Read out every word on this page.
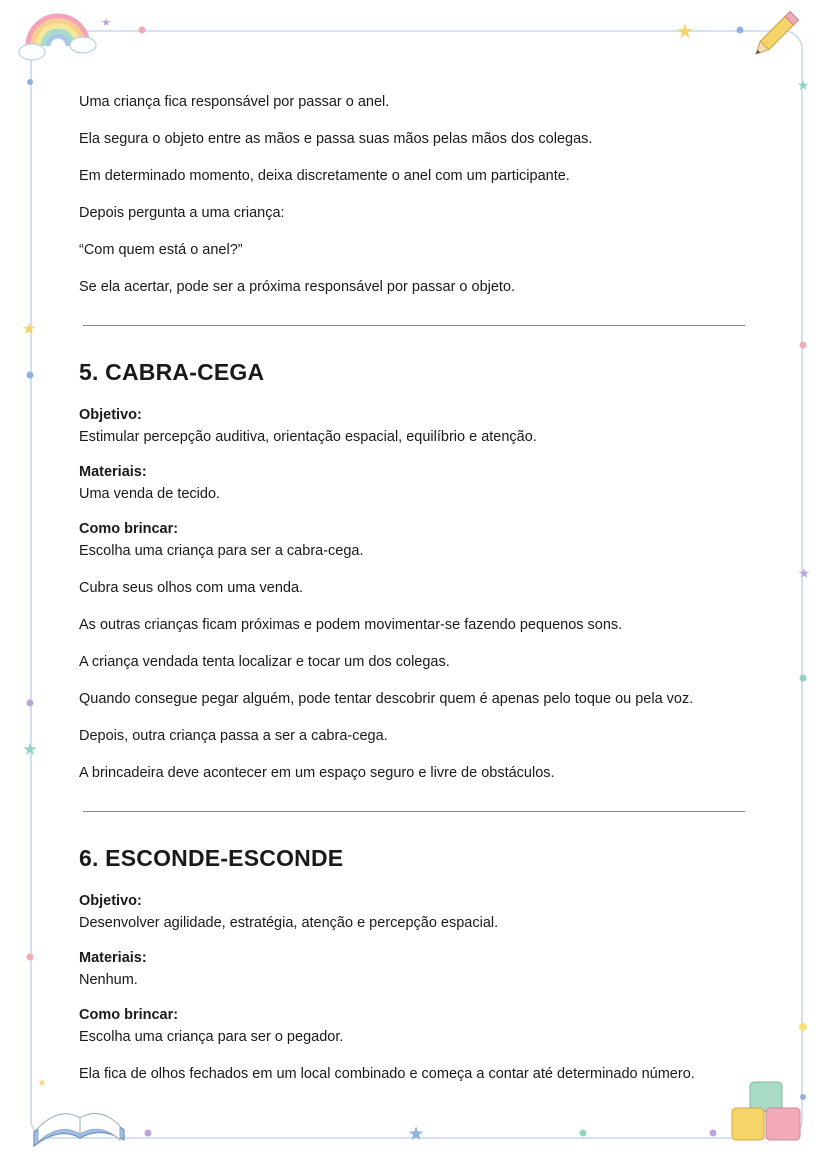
★
★
★
★
★
★
★
★
Uma criança fica responsável por passar o anel.
Ela segura o objeto entre as mãos e passa suas mãos pelas mãos dos colegas.
Em determinado momento, deixa discretamente o anel com um participante.
Depois pergunta a uma criança:
“Com quem está o anel?”
Se ela acertar, pode ser a próxima responsável por passar o objeto.
5. CABRA-CEGA
Objetivo:
Estimular percepção auditiva, orientação espacial, equilíbrio e atenção.
Materiais:
Uma venda de tecido.
Como brincar:
Escolha uma criança para ser a cabra-cega.
Cubra seus olhos com uma venda.
As outras crianças ficam próximas e podem movimentar-se fazendo pequenos sons.
A criança vendada tenta localizar e tocar um dos colegas.
Quando consegue pegar alguém, pode tentar descobrir quem é apenas pelo toque ou pela voz.
Depois, outra criança passa a ser a cabra-cega.
A brincadeira deve acontecer em um espaço seguro e livre de obstáculos.
6. ESCONDE-ESCONDE
Objetivo:
Desenvolver agilidade, estratégia, atenção e percepção espacial.
Materiais:
Nenhum.
Como brincar:
Escolha uma criança para ser o pegador.
Ela fica de olhos fechados em um local combinado e começa a contar até determinado número.
